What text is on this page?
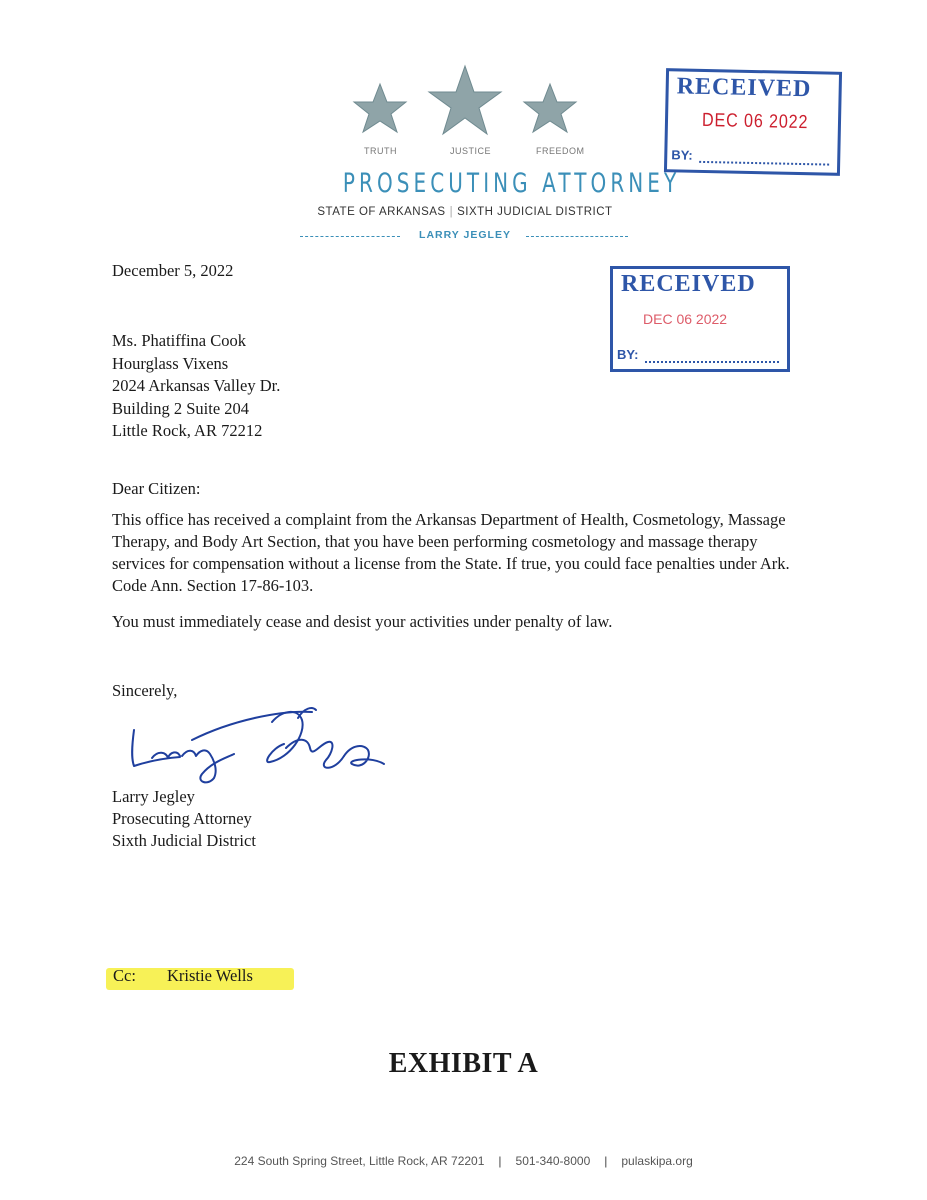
TRUTH	JUSTICE	FREEDOM
PROSECUTING ATTORNEY
STATE OF ARKANSAS | SIXTH JUDICIAL DISTRICT
LARRY JEGLEY
RECEIVED
DEC 06 2022
BY:
RECEIVED
DEC 06 2022
BY:
December 5, 2022
Ms. Phatiffina Cook
Hourglass Vixens
2024 Arkansas Valley Dr.
Building 2 Suite 204
Little Rock, AR 72212
Dear Citizen:
This office has received a complaint from the Arkansas Department of Health, Cosmetology, Massage Therapy, and Body Art Section, that you have been performing cosmetology and massage therapy services for compensation without a license from the State. If true, you could face penalties under Ark. Code Ann. Section 17-86-103.
You must immediately cease and desist your activities under penalty of law.
Sincerely,
Larry Jegley
Prosecuting Attorney
Sixth Judicial District
Cc: Kristie Wells
EXHIBIT A
224 South Spring Street, Little Rock, AR 72201 | 501-340-8000 | pulaskipa.org
